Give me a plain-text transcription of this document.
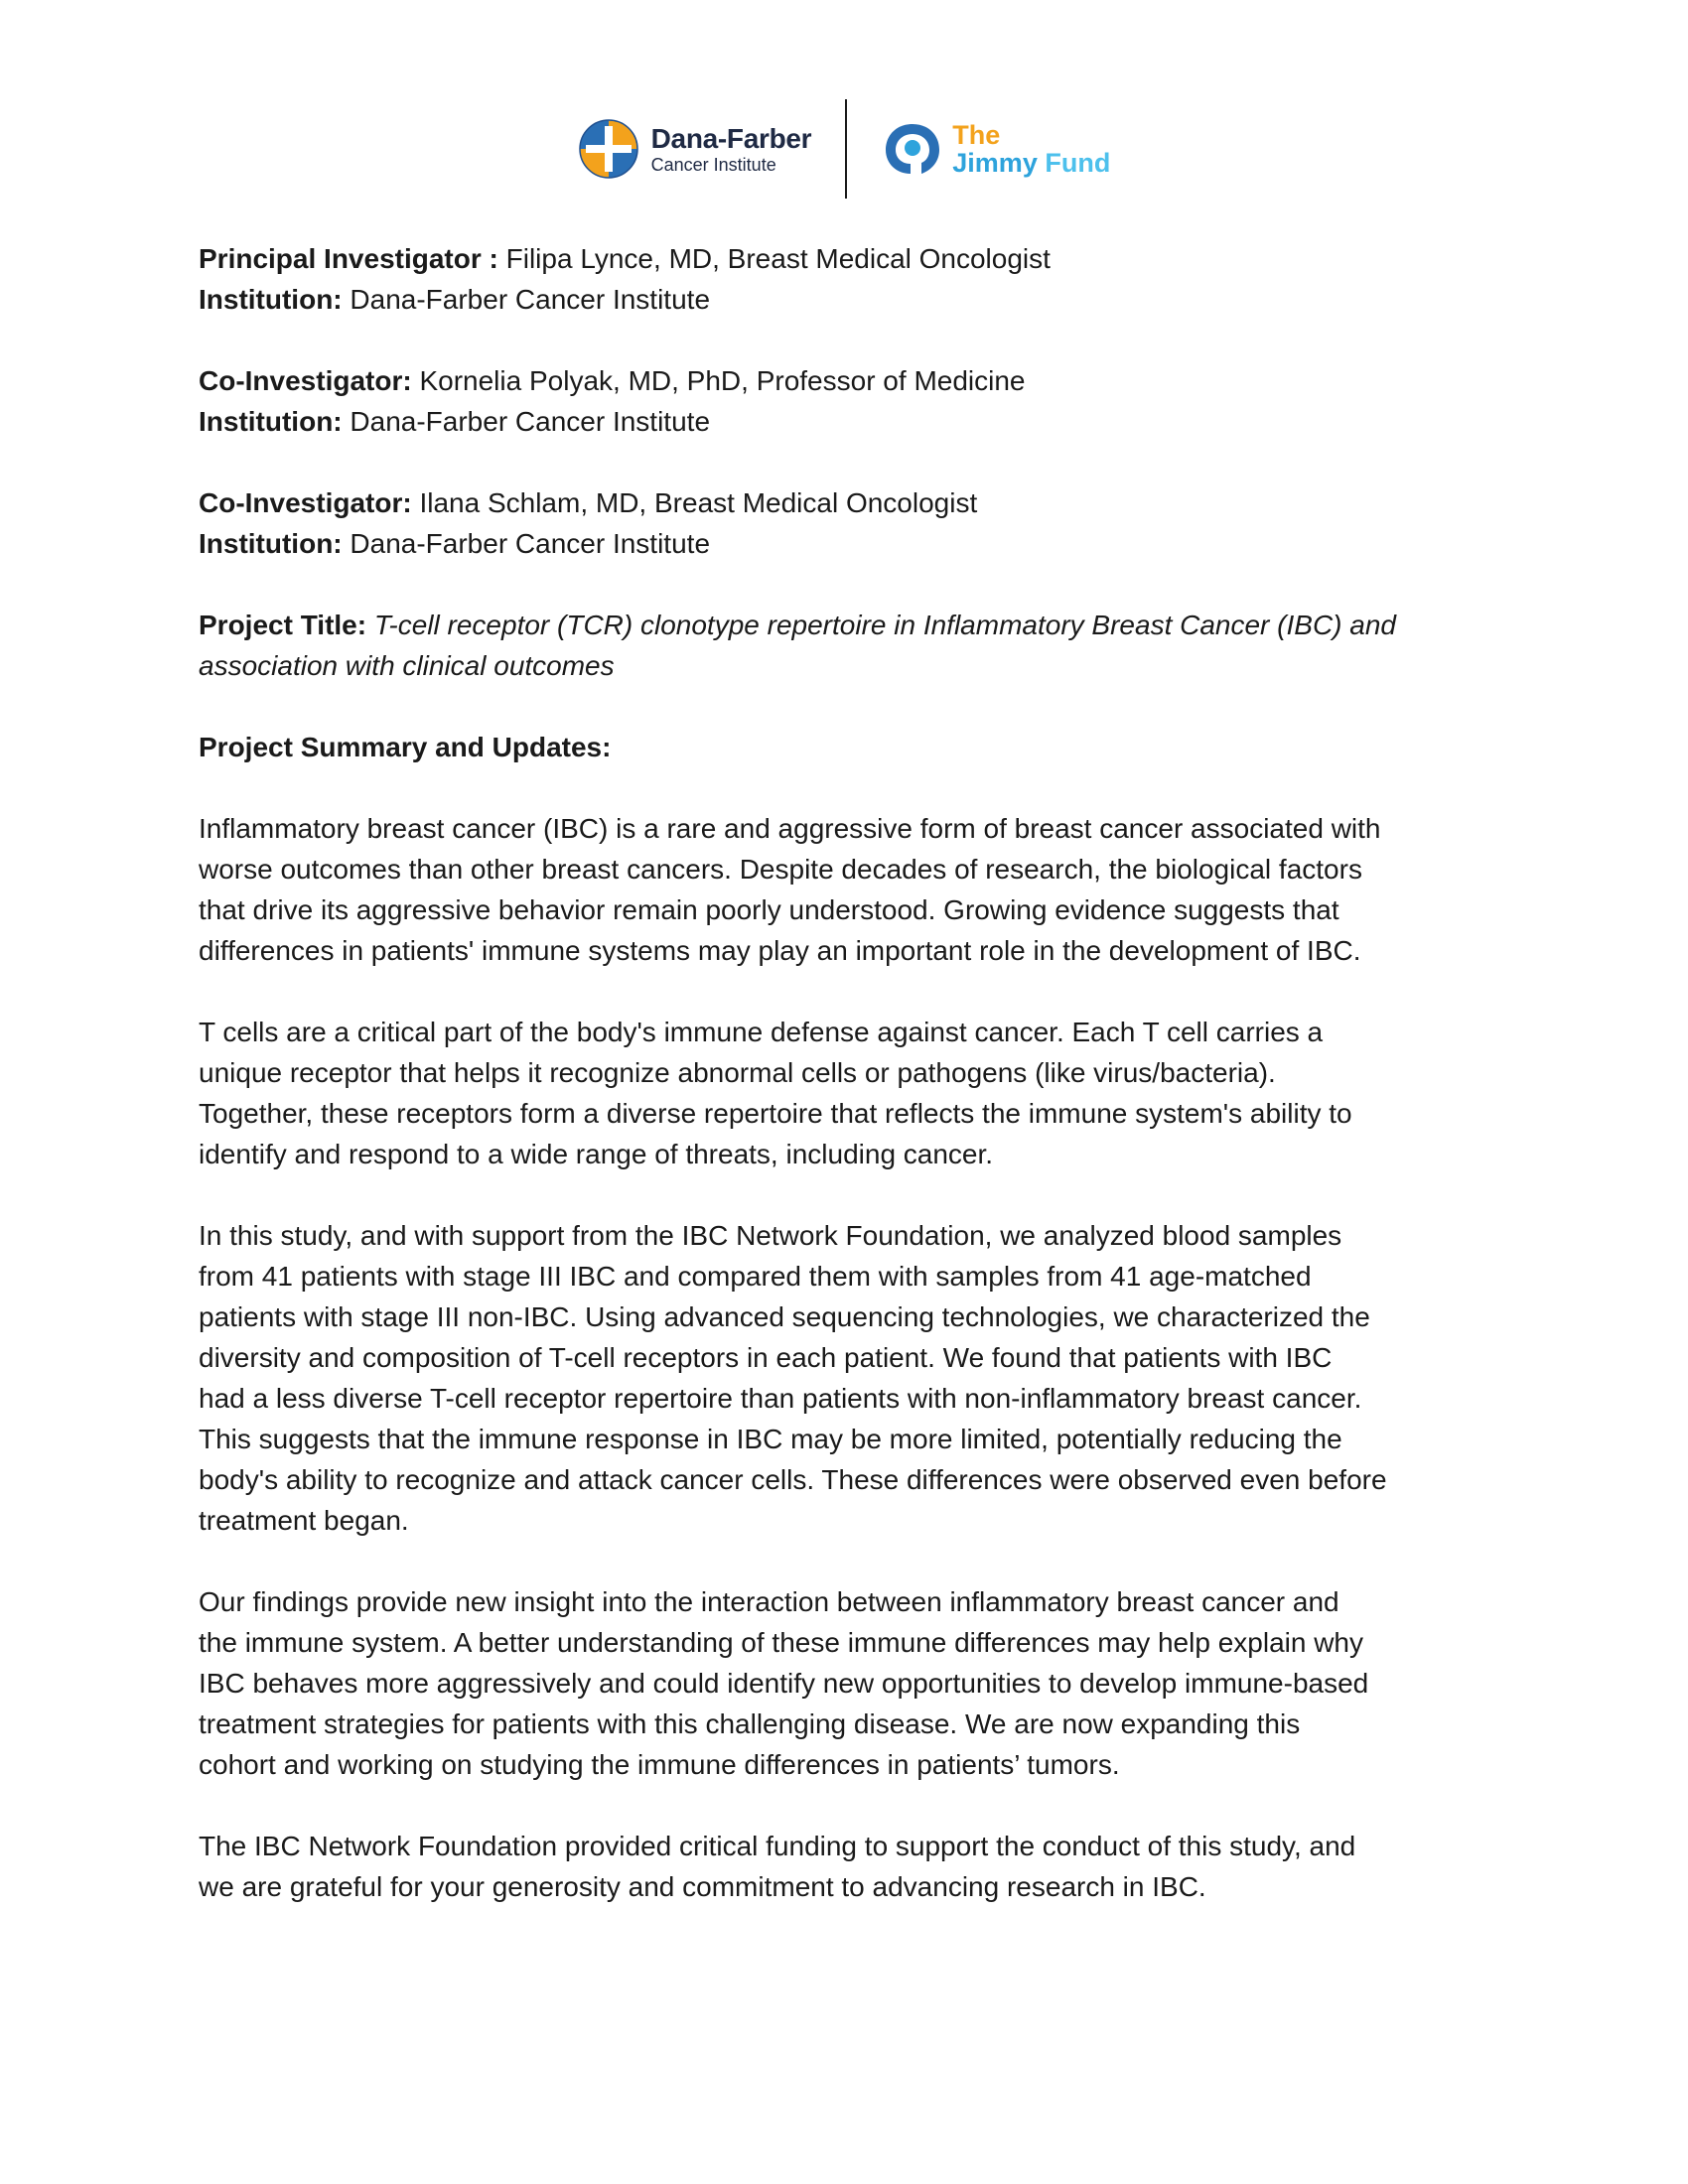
Dana-Farber
Cancer Institute
The
Jimmy Fund
Principal Investigator : Filipa Lynce, MD, Breast Medical Oncologist
Institution: Dana-Farber Cancer Institute
Co-Investigator: Kornelia Polyak, MD, PhD, Professor of Medicine
Institution: Dana-Farber Cancer Institute
Co-Investigator: Ilana Schlam, MD, Breast Medical Oncologist
Institution: Dana-Farber Cancer Institute
Project Title: T-cell receptor (TCR) clonotype repertoire in Inflammatory Breast Cancer (IBC) and
association with clinical outcomes
Project Summary and Updates:
Inflammatory breast cancer (IBC) is a rare and aggressive form of breast cancer associated with
worse outcomes than other breast cancers. Despite decades of research, the biological factors
that drive its aggressive behavior remain poorly understood. Growing evidence suggests that
differences in patients' immune systems may play an important role in the development of IBC.
T cells are a critical part of the body's immune defense against cancer. Each T cell carries a
unique receptor that helps it recognize abnormal cells or pathogens (like virus/bacteria).
Together, these receptors form a diverse repertoire that reflects the immune system's ability to
identify and respond to a wide range of threats, including cancer.
In this study, and with support from the IBC Network Foundation, we analyzed blood samples
from 41 patients with stage III IBC and compared them with samples from 41 age-matched
patients with stage III non-IBC. Using advanced sequencing technologies, we characterized the
diversity and composition of T-cell receptors in each patient. We found that patients with IBC
had a less diverse T-cell receptor repertoire than patients with non-inflammatory breast cancer.
This suggests that the immune response in IBC may be more limited, potentially reducing the
body's ability to recognize and attack cancer cells. These differences were observed even before
treatment began.
Our findings provide new insight into the interaction between inflammatory breast cancer and
the immune system. A better understanding of these immune differences may help explain why
IBC behaves more aggressively and could identify new opportunities to develop immune-based
treatment strategies for patients with this challenging disease. We are now expanding this
cohort and working on studying the immune differences in patients’ tumors.
The IBC Network Foundation provided critical funding to support the conduct of this study, and
we are grateful for your generosity and commitment to advancing research in IBC.
